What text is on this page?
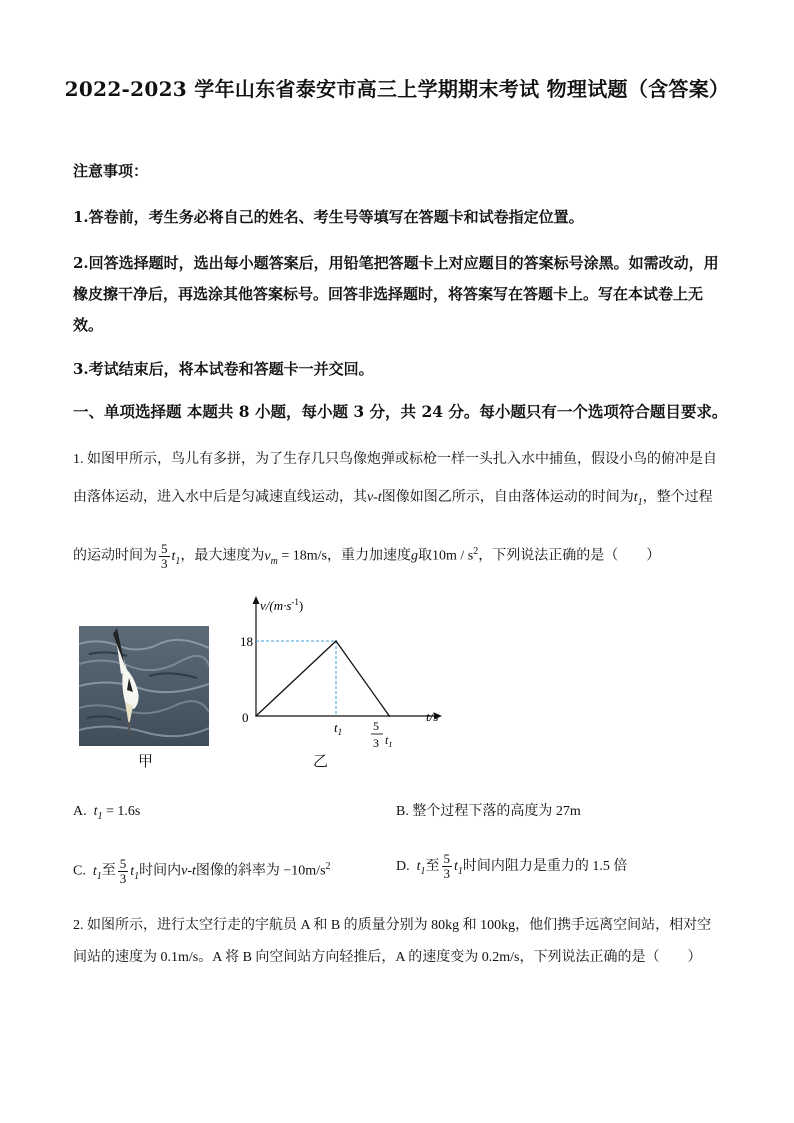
2022-2023 学年山东省泰安市高三上学期期末考试 物理试题（含答案）
注意事项：
1.答卷前，考生务必将自己的姓名、考生号等填写在答题卡和试卷指定位置。
2.回答选择题时，选出每小题答案后，用铅笔把答题卡上对应题目的答案标号涂黑。如需改动，用橡皮擦干净后，再选涂其他答案标号。回答非选择题时，将答案写在答题卡上。写在本试卷上无效。
3.考试结束后，将本试卷和答题卡一并交回。
一、单项选择题 本题共 8 小题，每小题 3 分，共 24 分。每小题只有一个选项符合题目要求。
1. 如图甲所示，鸟儿有多拼，为了生存几只鸟像炮弹或标枪一样一头扎入水中捕鱼，假设小鸟的俯冲是自
由落体运动，进入水中后是匀减速直线运动，其v-t图像如图乙所示，自由落体运动的时间为$t_1$，整个过程
的运动时间为 $\frac{5}{3} t_1$，最大速度为$v_m = 18m/s$，重力加速度g取$10m / s^2$，下列说法正确的是（　　）
甲
$v/(m\cdot s^{-1})$
t/s
18
0
$t_1$	5
3 $t_1$
乙
A. $t_1 = 1.6s$	B. 整个过程下落的高度为 27m
C. $t_1$至 $\frac{5}{3} t_1$时间内v-t图像的斜率为 $-10m/s^2$	D. $t_1$至 $\frac{5}{3} t_1$时间内阻力是重力的 1.5 倍
2. 如图所示，进行太空行走的宇航员 A 和 B 的质量分别为 80kg 和 100kg，他们携手远离空间站，相对空
间站的速度为 0.1m/s。A 将 B 向空间站方向轻推后，A 的速度变为 0.2m/s，下列说法正确的是（　　）
